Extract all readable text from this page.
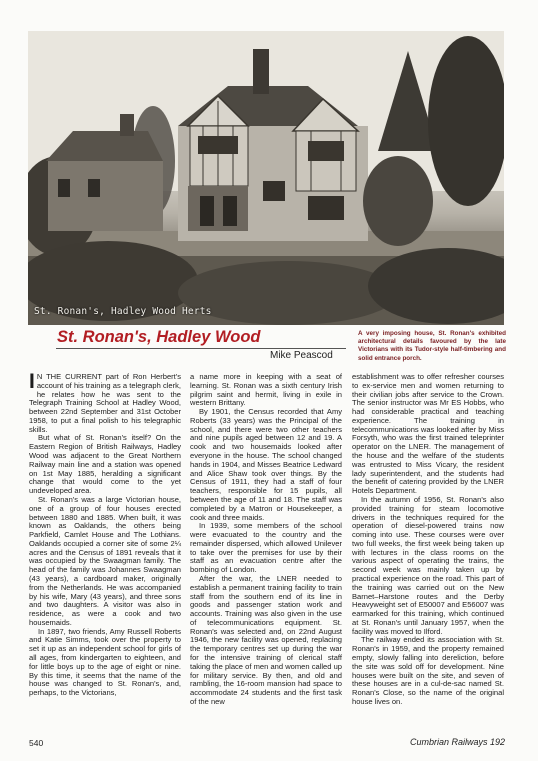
St. Ronan's, Hadley Wood Herts
St. Ronan's, Hadley Wood
Mike Peascod
A very imposing house, St. Ronan's exhibited architectural details favoured by the late Victorians with its Tudor-style half-timbering and solid entrance porch.

I N THE CURRENT part of Ron Herbert's account of his training as a telegraph clerk, he relates how he was sent to the Telegraph Training School at Hadley Wood, between 22nd September and 31st October 1958, to put a final polish to his telegraphic skills.

But what of St. Ronan's itself? On the Eastern Region of British Railways, Hadley Wood was adjacent to the Great Northern Railway main line and a station was opened on 1st May 1885, heralding a significant change that would come to the yet undeveloped area.

St. Ronan's was a large Victorian house, one of a group of four houses erected between 1880 and 1885. When built, it was known as Oaklands, the others being Parkfield, Camlet House and The Lothians. Oaklands occupied a corner site of some 2¼ acres and the Census of 1891 reveals that it was occupied by the Swaagman family. The head of the family was Johannes Swaagman (43 years), a cardboard maker, originally from the Netherlands. He was accompanied by his wife, Mary (43 years), and three sons and two daughters. A visitor was also in residence, as were a cook and two housemaids.

In 1897, two friends, Amy Russell Roberts and Katie Simms, took over the property to set it up as an independent school for girls of all ages, from kindergarten to eighteen, and for little boys up to the age of eight or nine. By this time, it seems that the name of the house was changed to St. Ronan's, and, perhaps, to the Victorians,

a name more in keeping with a seat of learning. St. Ronan was a sixth century Irish pilgrim saint and hermit, living in exile in western Brittany.

By 1901, the Census recorded that Amy Roberts (33 years) was the Principal of the school, and there were two other teachers and nine pupils aged between 12 and 19. A cook and two housemaids looked after everyone in the house. The school changed hands in 1904, and Misses Beatrice Ledward and Alice Shaw took over things. By the Census of 1911, they had a staff of four teachers, responsible for 15 pupils, all between the age of 11 and 18. The staff was completed by a Matron or Housekeeper, a cook and three maids.

In 1939, some members of the school were evacuated to the country and the remainder dispersed, which allowed Unilever to take over the premises for use by their staff as an evacuation centre after the bombing of London.

After the war, the LNER needed to establish a permanent training facility to train staff from the southern end of its line in goods and passenger station work and accounts. Training was also given in the use of telecommunications equipment. St. Ronan's was selected and, on 22nd August 1946, the new facility was opened, replacing the temporary centres set up during the war for the intensive training of clerical staff taking the place of men and women called up for military service. By then, and old and rambling, the 16-room mansion had space to accommodate 24 students and the first task of the new

establishment was to offer refresher courses to ex-service men and women returning to their civilian jobs after service to the Crown. The senior instructor was Mr ES Hobbs, who had considerable practical and teaching experience. The training in telecommunications was looked after by Miss Forsyth, who was the first trained teleprinter operator on the LNER. The management of the house and the welfare of the students was entrusted to Miss Vicary, the resident lady superintendent, and the students had the benefit of catering provided by the LNER Hotels Department.

In the autumn of 1956, St. Ronan's also provided training for steam locomotive drivers in the techniques required for the operation of diesel-powered trains now coming into use. These courses were over two full weeks, the first week being taken up with lectures in the class rooms on the various aspect of operating the trains, the second week was mainly taken up by practical experience on the road. This part of the training was carried out on the New Barnet–Harstone routes and the Derby Heavyweight set of E50007 and E56007 was earmarked for this training, which continued at St. Ronan's until January 1957, when the facility was moved to Ilford.

The railway ended its association with St. Ronan's in 1959, and the property remained empty, slowly falling into dereliction, before the site was sold off for development. Nine houses were built on the site, and seven of these houses are in a cul-de-sac named St. Ronan's Close, so the name of the original house lives on.

540	Cumbrian Railways 192
